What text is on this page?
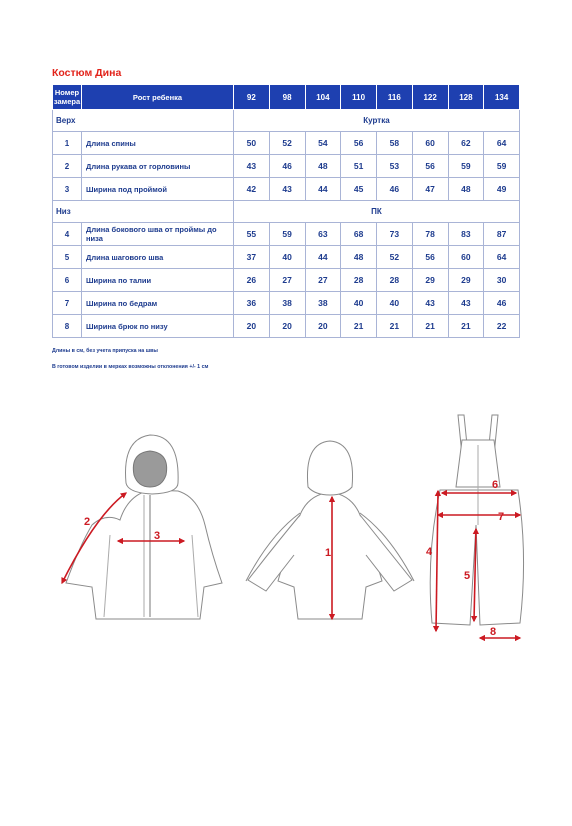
Костюм Дина
Номер замера	Рост ребенка	92	98	104	110	116	122	128	134
Верх		Куртка							
1	Длина спины	50	52	54	56	58	60	62	64
2	Длина рукава от горловины	43	46	48	51	53	56	59	59
3	Ширина под проймой	42	43	44	45	46	47	48	49
Низ		ПК							
4	Длина бокового шва от проймы до низа	55	59	63	68	73	78	83	87
5	Длина шагового шва	37	40	44	48	52	56	60	64
6	Ширина по талии	26	27	27	28	28	29	29	30
7	Ширина по бедрам	36	38	38	40	40	43	43	46
8	Ширина брюк по низу	20	20	20	21	21	21	21	22
Длины в см, без учета припуска на швы
В готовом изделии в мерках возможны отклонения +/- 1 см
1
2
3
4
5
6
7
8
